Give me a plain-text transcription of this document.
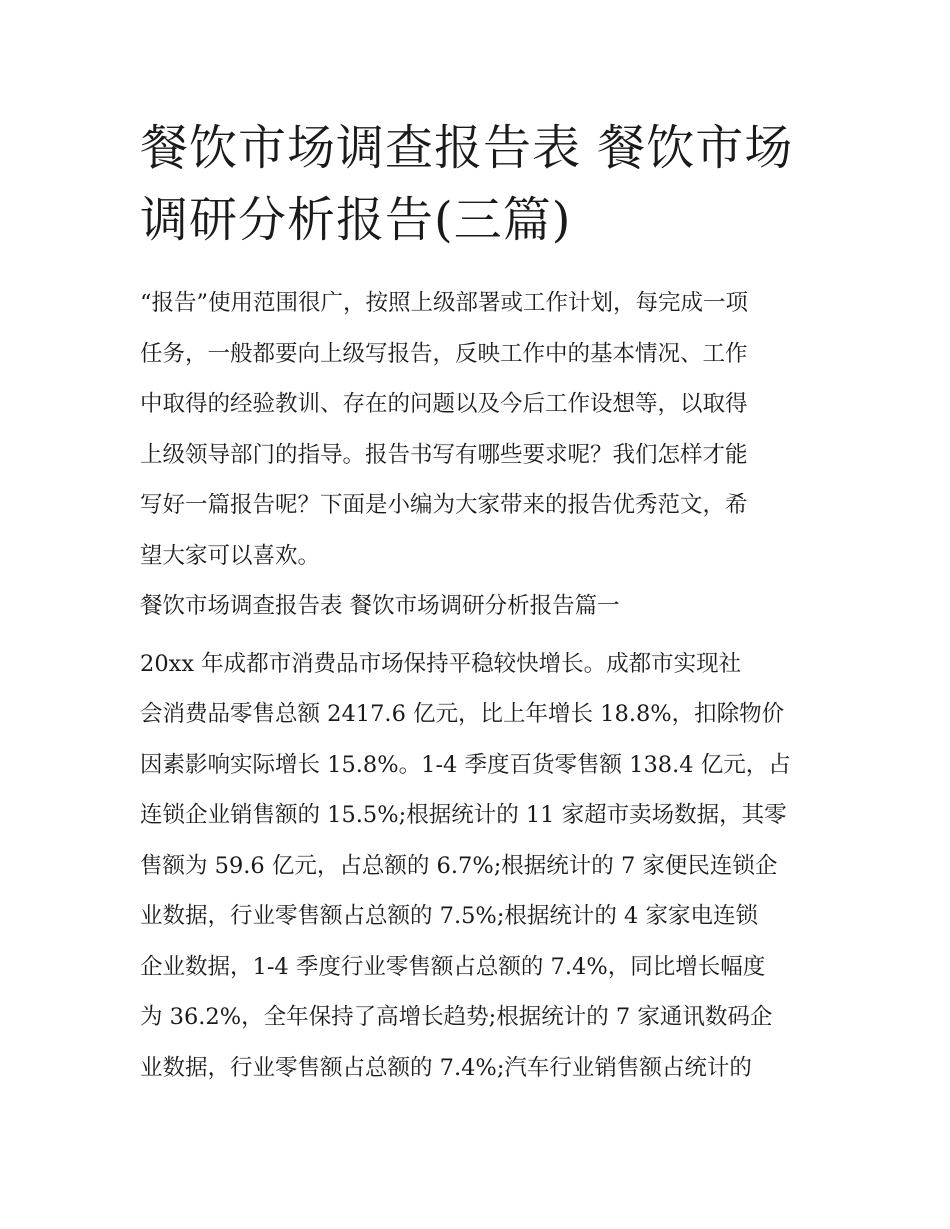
餐饮市场调查报告表 餐饮市场
调研分析报告(三篇)
“报告”使用范围很广，按照上级部署或工作计划，每完成一项
任务，一般都要向上级写报告，反映工作中的基本情况、工作
中取得的经验教训、存在的问题以及今后工作设想等，以取得
上级领导部门的指导。报告书写有哪些要求呢？我们怎样才能
写好一篇报告呢？下面是小编为大家带来的报告优秀范文，希
望大家可以喜欢。
餐饮市场调查报告表 餐饮市场调研分析报告篇一
20xx 年成都市消费品市场保持平稳较快增长。成都市实现社
会消费品零售总额 2417.6 亿元，比上年增长 18.8%，扣除物价
因素影响实际增长 15.8%。1-4 季度百货零售额 138.4 亿元，占
连锁企业销售额的 15.5%;根据统计的 11 家超市卖场数据，其零
售额为 59.6 亿元，占总额的 6.7%;根据统计的 7 家便民连锁企
业数据，行业零售额占总额的 7.5%;根据统计的 4 家家电连锁
企业数据，1-4 季度行业零售额占总额的 7.4%，同比增长幅度
为 36.2%，全年保持了高增长趋势;根据统计的 7 家通讯数码企
业数据，行业零售额占总额的 7.4%;汽车行业销售额占统计的
